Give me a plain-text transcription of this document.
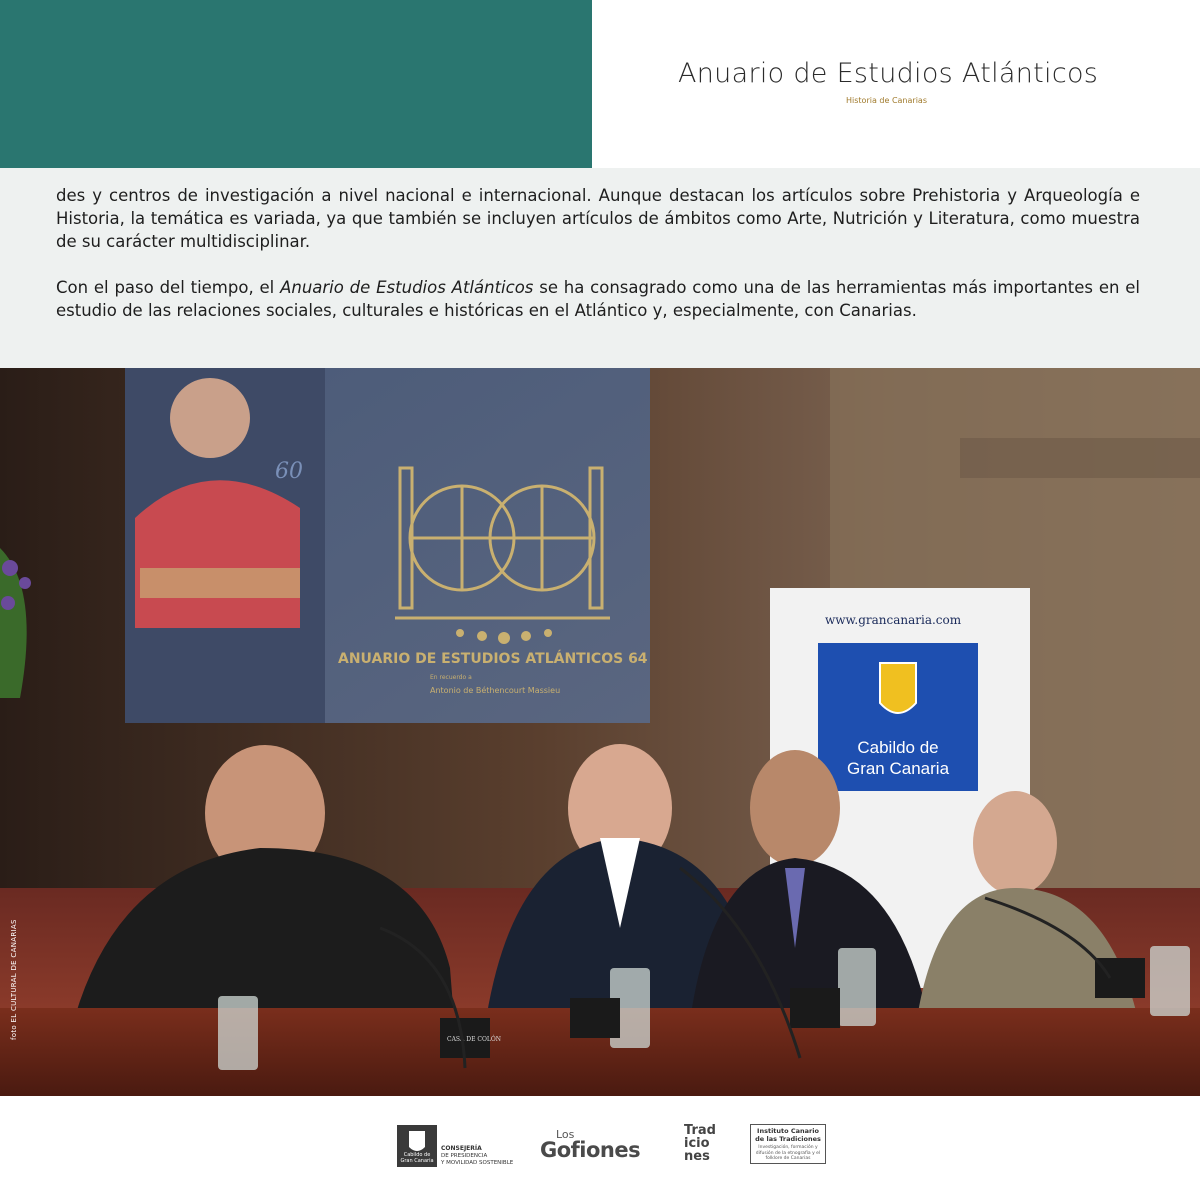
Anuario de Estudios Atlánticos
Historia de Canarias

des y centros de investigación a nivel nacional e internacional. Aunque destacan los artículos sobre Prehistoria y Arqueología e Historia, la temática es variada, ya que también se incluyen artículos de ámbitos como Arte, Nutrición y Literatura, como muestra de su carácter multidisciplinar.

Con el paso del tiempo, el Anuario de Estudios Atlánticos se ha consagrado como una de las herramientas más importantes en el estudio de las relaciones sociales, culturales e históricas en el Atlántico y, especialmente, con Canarias.

ANUARIO DE ESTUDIOS ATLÁNTICOS 64
En recuerdo a
Antonio de Béthencourt Massieu
60
www.grancanaria.com
Cabildo de
Gran Canaria
CASA DE COLÓN
foto EL CULTURAL DE CANARIAS
CONSEJERÍA
DE PRESIDENCIA
Y MOVILIDAD SOSTENIBLE
Cabildo de
Gran Canaria
Los
Gofiones
Trad
icio
nes
Instituto Canario
de las Tradiciones
Investigación, formación y difusión de la etnografía y el folklore de Canarias
